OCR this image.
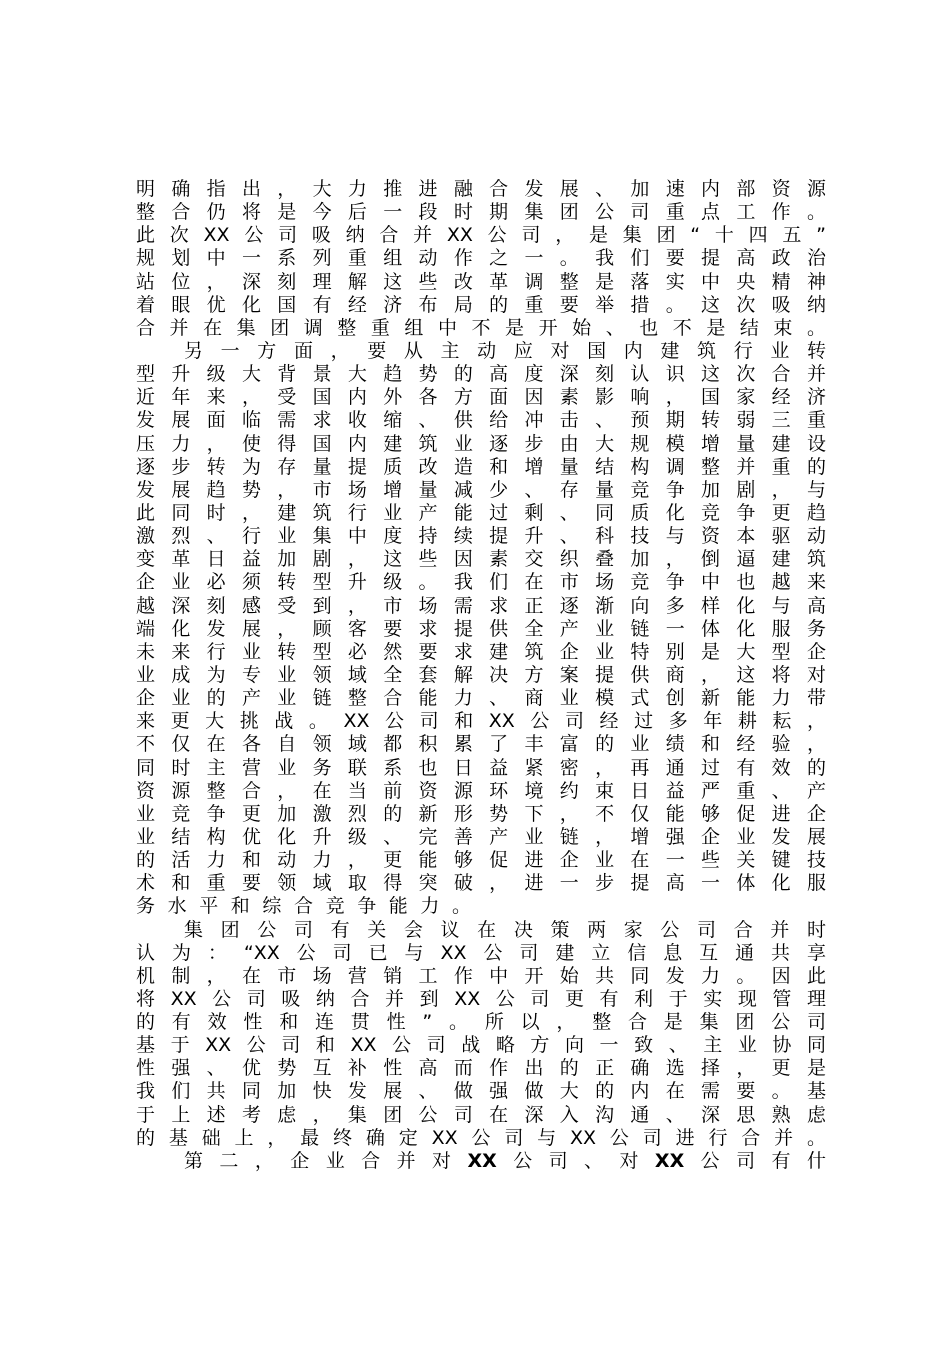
明确指出，大力推进融合发展、加速内部资源
整合仍将是今后一段时期集团公司重点工作。
此次XX公司吸纳合并XX公司，是集团“十四五”
规划中一系列重组动作之一。我们要提高政治
站位，深刻理解这些改革调整是落实中央精神
着眼优化国有经济布局的重要举措。这次吸纳
合并在集团调整重组中不是开始、也不是结束。
另一方面，要从主动应对国内建筑行业转
型升级大背景大趋势的高度深刻认识这次合并
近年来，受国内外各方面因素影响，国家经济
发展面临需求收缩、供给冲击、预期转弱三重
压力，使得国内建筑业逐步由大规模增量建设
逐步转为存量提质改造和增量结构调整并重的
发展趋势，市场增量减少、存量竞争加剧，与
此同时，建筑行业产能过剩、同质化竞争更趋
激烈、行业集中度持续提升、科技与资本驱动
变革日益加剧，这些因素交织叠加，倒逼建筑
企业必须转型升级。我们在市场竞争中也越来
越深刻感受到，市场需求正逐渐向多样化与高
端化发展，顾客要求提供全产业链一体化服务
未来行业转型必然要求建筑企业特别是大型企
业成为专业领域全套解决方案提供商，这将对
企业的产业链整合能力、商业模式创新能力带
来更大挑战。XX公司和XX公司经过多年耕耘，
不仅在各自领域都积累了丰富的业绩和经验，
同时主营业务联系也日益紧密，再通过有效的
资源整合，在当前资源环境约束日益严重、产
业竞争更加激烈的新形势下，不仅能够促进企
业结构优化升级、完善产业链，增强企业发展
的活力和动力，更能够促进企业在一些关键技
术和重要领域取得突破，进一步提高一体化服
务水平和综合竞争能力。
集团公司有关会议在决策两家公司合并时
认为：“XX公司已与XX公司建立信息互通共享
机制，在市场营销工作中开始共同发力。因此
将XX公司吸纳合并到XX公司更有利于实现管理
的有效性和连贯性”。所以，整合是集团公司
基于XX公司和XX公司战略方向一致、主业协同
性强、优势互补性高而作出的正确选择，更是
我们共同加快发展、做强做大的内在需要。基
于上述考虑，集团公司在深入沟通、深思熟虑
的基础上，最终确定XX公司与XX公司进行合并。
第二，企业合并对XX公司、对XX公司有什
